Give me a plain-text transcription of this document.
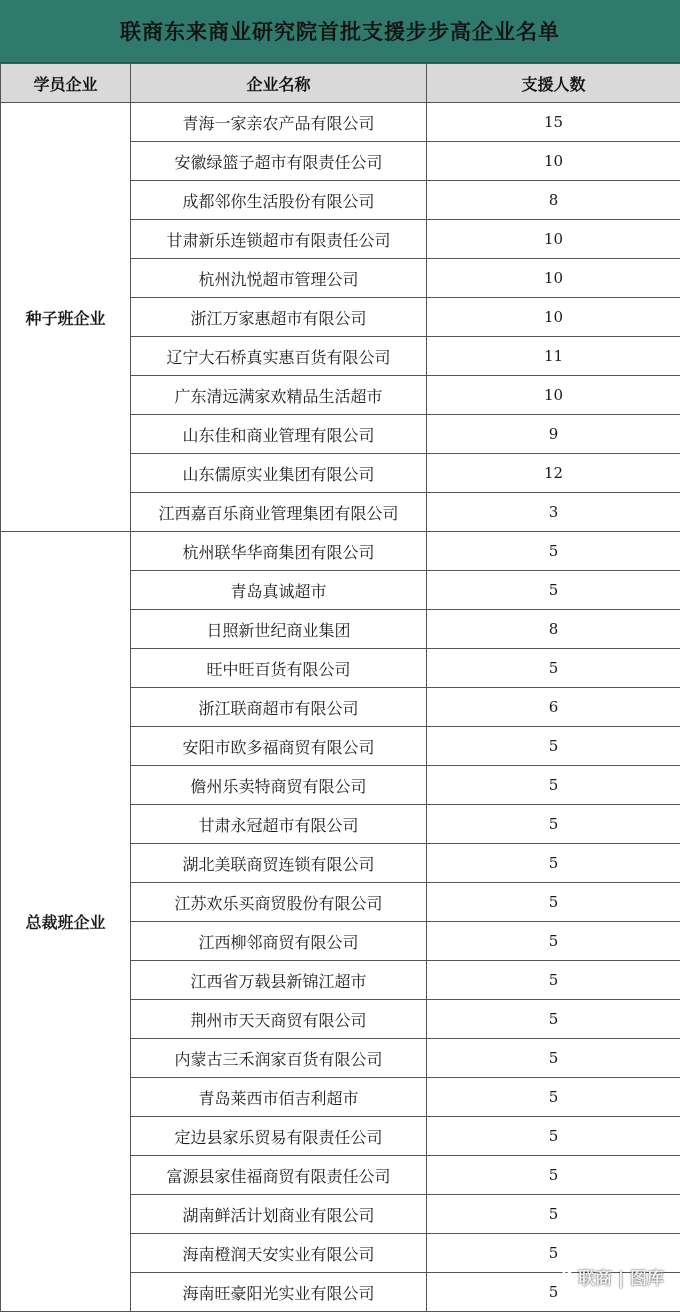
联商东来商业研究院首批支援步步高企业名单
学员企业	企业名称	支援人数
种子班企业	青海一家亲农产品有限公司	15
	安徽绿篮子超市有限责任公司	10
	成都邻你生活股份有限公司	8
	甘肃新乐连锁超市有限责任公司	10
	杭州氿悦超市管理公司	10
	浙江万家惠超市有限公司	10
	辽宁大石桥真实惠百货有限公司	11
	广东清远满家欢精品生活超市	10
	山东佳和商业管理有限公司	9
	山东儒原实业集团有限公司	12
	江西嘉百乐商业管理集团有限公司	3
总裁班企业	杭州联华华商集团有限公司	5
	青岛真诚超市	5
	日照新世纪商业集团	8
	旺中旺百货有限公司	5
	浙江联商超市有限公司	6
	安阳市欧多福商贸有限公司	5
	儋州乐卖特商贸有限公司	5
	甘肃永冠超市有限公司	5
	湖北美联商贸连锁有限公司	5
	江苏欢乐买商贸股份有限公司	5
	江西柳邻商贸有限公司	5
	江西省万载县新锦江超市	5
	荆州市天天商贸有限公司	5
	内蒙古三禾润家百货有限公司	5
	青岛莱西市佰吉利超市	5
	定边县家乐贸易有限责任公司	5
	富源县家佳福商贸有限责任公司	5
	湖南鲜活计划商业有限公司	5
	海南橙润天安实业有限公司	5
	海南旺豪阳光实业有限公司	5
联商 | 图库
